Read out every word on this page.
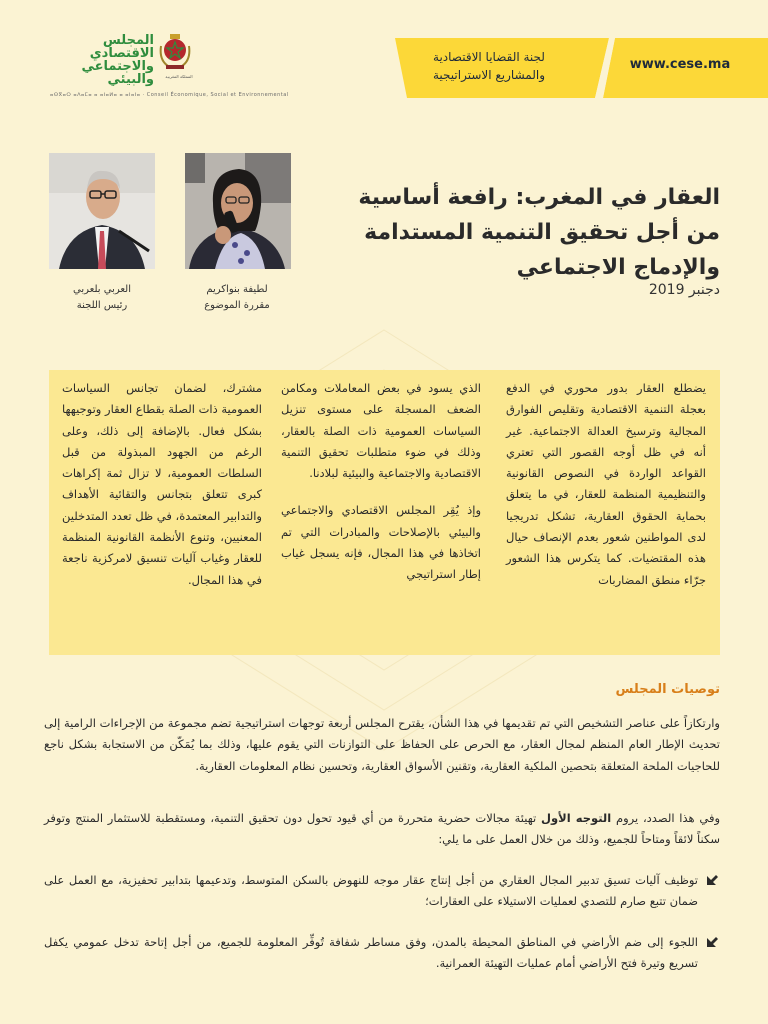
المجلس
الاقتصادي
والاجتماعي
والبيئي	المملكة المغربية
ⴰⵙⴳⴰⵔ ⴰⴷⴰⵎⴰ ⴰ ⴰⵏⴰⵍⴰ ⴰ ⴰⵏⴰⵏⴰ · Conseil Économique, Social et Environnemental
لجنة القضايا الاقتصادية
والمشاريع الاستراتيجية
www.cese.ma
العربي بلعربي
رئيس اللجنة
لطيفة بنواكريم
مقررة الموضوع
العقار في المغرب: رافعة أساسية من أجل تحقيق التنمية المستدامة والإدماج الاجتماعي
دجنبر 2019

يضطلع العقار بدور محوري في الدفع بعجلة التنمية الاقتصادية وتقليص الفوارق المجالية وترسيخ العدالة الاجتماعية. غير أنه في ظل أوجه القصور التي تعتري القواعد الواردة في النصوص القانونية والتنظيمية المنظمة للعقار، في ما يتعلق بحماية الحقوق العقارية، تشكل تدريجيا لدى المواطنين شعور بعدم الإنصاف حيال هذه المقتضيات. كما يتكرس هذا الشعور جرّاء منطق المضاربات

الذي يسود في بعض المعاملات ومكامن الضعف المسجلة على مستوى تنزيل السياسات العمومية ذات الصلة بالعقار، وذلك في ضوء متطلبات تحقيق التنمية الاقتصادية والاجتماعية والبيئية لبلادنا.

وإذ يُقِر المجلس الاقتصادي والاجتماعي والبيئي بالإصلاحات والمبادرات التي تم اتخاذها في هذا المجال، فإنه يسجل غياب إطار استراتيجي

مشترك، لضمان تجانس السياسات العمومية ذات الصلة بقطاع العقار وتوجيهها بشكل فعال. بالإضافة إلى ذلك، وعلى الرغم من الجهود المبذولة من قبل السلطات العمومية، لا تزال ثمة إكراهات كبرى تتعلق بتجانس والتقائية الأهداف والتدابير المعتمدة، في ظل تعدد المتدخلين المعنيين، وتنوع الأنظمة القانونية المنظمة للعقار وغياب آليات تنسيق لامركزية ناجعة في هذا المجال.

توصيات المجلس

وارتكازاً على عناصر التشخيص التي تم تقديمها في هذا الشأن، يقترح المجلس أربعة توجهات استراتيجية تضم مجموعة من الإجراءات الرامية إلى تحديث الإطار العام المنظم لمجال العقار، مع الحرص على الحفاظ على التوازنات التي يقوم عليها، وذلك بما يُمَكّن من الاستجابة بشكل ناجع للحاجيات الملحة المتعلقة بتحصين الملكية العقارية، وتقنين الأسواق العقارية، وتحسين نظام المعلومات العقارية.

وفي هذا الصدد، يروم التوجه الأول تهيئة مجالات حضرية متحررة من أي قيود تحول دون تحقيق التنمية، ومستقطبة للاستثمار المنتج وتوفر سكناً لائقاً ومتاحاً للجميع، وذلك من خلال العمل على ما يلي:

توظيف آليات تسيق تدبير المجال العقاري من أجل إنتاج عقار موجه للنهوض بالسكن المتوسط، وتدعيمها بتدابير تحفيزية، مع العمل على ضمان تتبع صارم للتصدي لعمليات الاستيلاء على العقارات؛

اللجوء إلى ضم الأراضي في المناطق المحيطة بالمدن، وفق مساطر شفافة تُوفِّر المعلومة للجميع، من أجل إتاحة تدخل عمومي يكفل تسريع وتيرة فتح الأراضي أمام عمليات التهيئة العمرانية.
